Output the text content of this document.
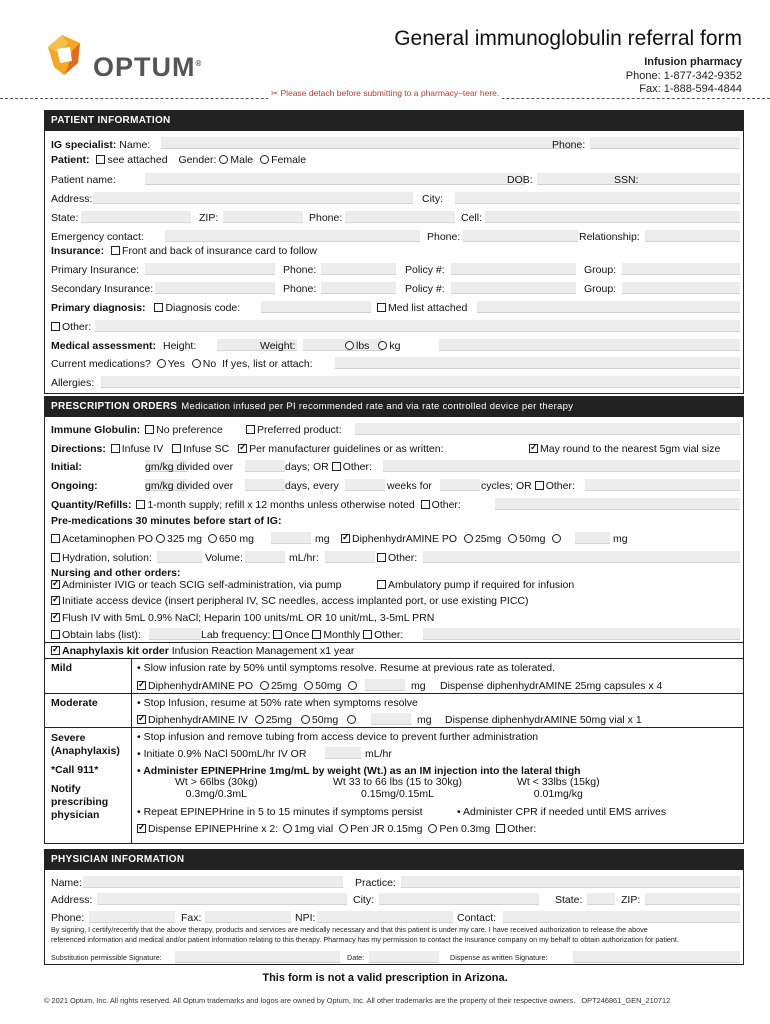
OPTUM®
General immunoglobulin referral form
Infusion pharmacy
Phone: 1-877-342-9352
Fax: 1-888-594-4844
✂ Please detach before submitting to a pharmacy–tear here.
PATIENT INFORMATION
IG specialist: Name:	Phone:
Patient: see attached Gender: Male Female
Patient name:	DOB:	SSN:
Address:	City:
State:	ZIP:	Phone:	Cell:
Emergency contact:	Phone:	Relationship:
Insurance: Front and back of insurance card to follow
Primary Insurance:	Phone:	Policy #:	Group:
Secondary Insurance:	Phone:	Policy #:	Group:
Primary diagnosis: Diagnosis code:	Med list attached
Other:
Medical assessment: Height:	Weight:	lbs kg
Current medications? Yes No If yes, list or attach:
Allergies:
PRESCRIPTION ORDERS Medication infused per PI recommended rate and via rate controlled device per therapy
Immune Globulin: No preference	Preferred product:
Directions: Infuse IV Infuse SC ✓ Per manufacturer guidelines or as written: ✓	May round to the nearest 5gm vial size
Initial:	gm/kg divided over	days; OR Other:
Ongoing:	gm/kg divided over	days, every	weeks for	cycles; OR Other:
Quantity/Refills: 1-month supply; refill x 12 months unless otherwise noted Other:
Pre-medications 30 minutes before start of IG:
Acetaminophen PO 325 mg 650 mg	mg ✓	DiphenhydrAMINE PO 25mg 50mg	mg
Hydration, solution:	Volume:	mL/hr:	Other:
Nursing and other orders:
✓Administer IVIG or teach SCIG self-administration, via pump	Ambulatory pump if required for infusion
✓Initiate access device (insert peripheral IV, SC needles, access implanted port, or use existing PICC)
✓Flush IV with 5mL 0.9% NaCl; Heparin 100 units/mL OR 10 unit/mL, 3-5mL PRN
Obtain labs (list):	Lab frequency: Once Monthly Other:
✓Anaphylaxis kit order Infusion Reaction Management x1 year
Mild	• Slow infusion rate by 50% until symptoms resolve. Resume at previous rate as tolerated.
✓DiphenhydrAMINE PO 25mg 50mg	mg Dispense diphenhydrAMINE 25mg capsules x 4
Moderate	• Stop Infusion, resume at 50% rate when symptoms resolve
✓DiphenhydrAMINE IV 25mg 50mg	mg Dispense diphenhydrAMINE 50mg vial x 1
Severe
(Anaphylaxis)
*Call 911*
Notify
prescribing
physician
• Stop infusion and remove tubing from access device to prevent further administration
• Initiate 0.9% NaCl 500mL/hr IV OR	mL/hr
• Administer EPINEPHrine 1mg/mL by weight (Wt.) as an IM injection into the lateral thigh
Wt > 66lbs (30kg)
0.3mg/0.3mL
Wt 33 to 66 lbs (15 to 30kg)
0.15mg/0.15mL
Wt < 33lbs (15kg)
0.01mg/kg
• Repeat EPINEPHrine in 5 to 15 minutes if symptoms persist	• Administer CPR if needed until EMS arrives
✓Dispense EPINEPHrine x 2: 1mg vial Pen JR 0.15mg Pen 0.3mg Other:
PHYSICIAN INFORMATION
Name:	Practice:
Address:	City:	State:	ZIP:
Phone:	Fax:	NPI:	Contact:
By signing, I certify/recertify that the above therapy, products and services are medically necessary and that this patient is under my care. I have received authorization to release the above
referenced information and medical and/or patient information relating to this therapy. Pharmacy has my permission to contact the insurance company on my behalf to obtain authorization for patient.
Substitution permissible Signature:	Date:	Dispense as written Signature:
This form is not a valid prescription in Arizona.
© 2021 Optum, Inc. All rights reserved. All Optum trademarks and logos are owned by Optum, Inc. All other trademarks are the property of their respective owners. OPT246861_GEN_210712
